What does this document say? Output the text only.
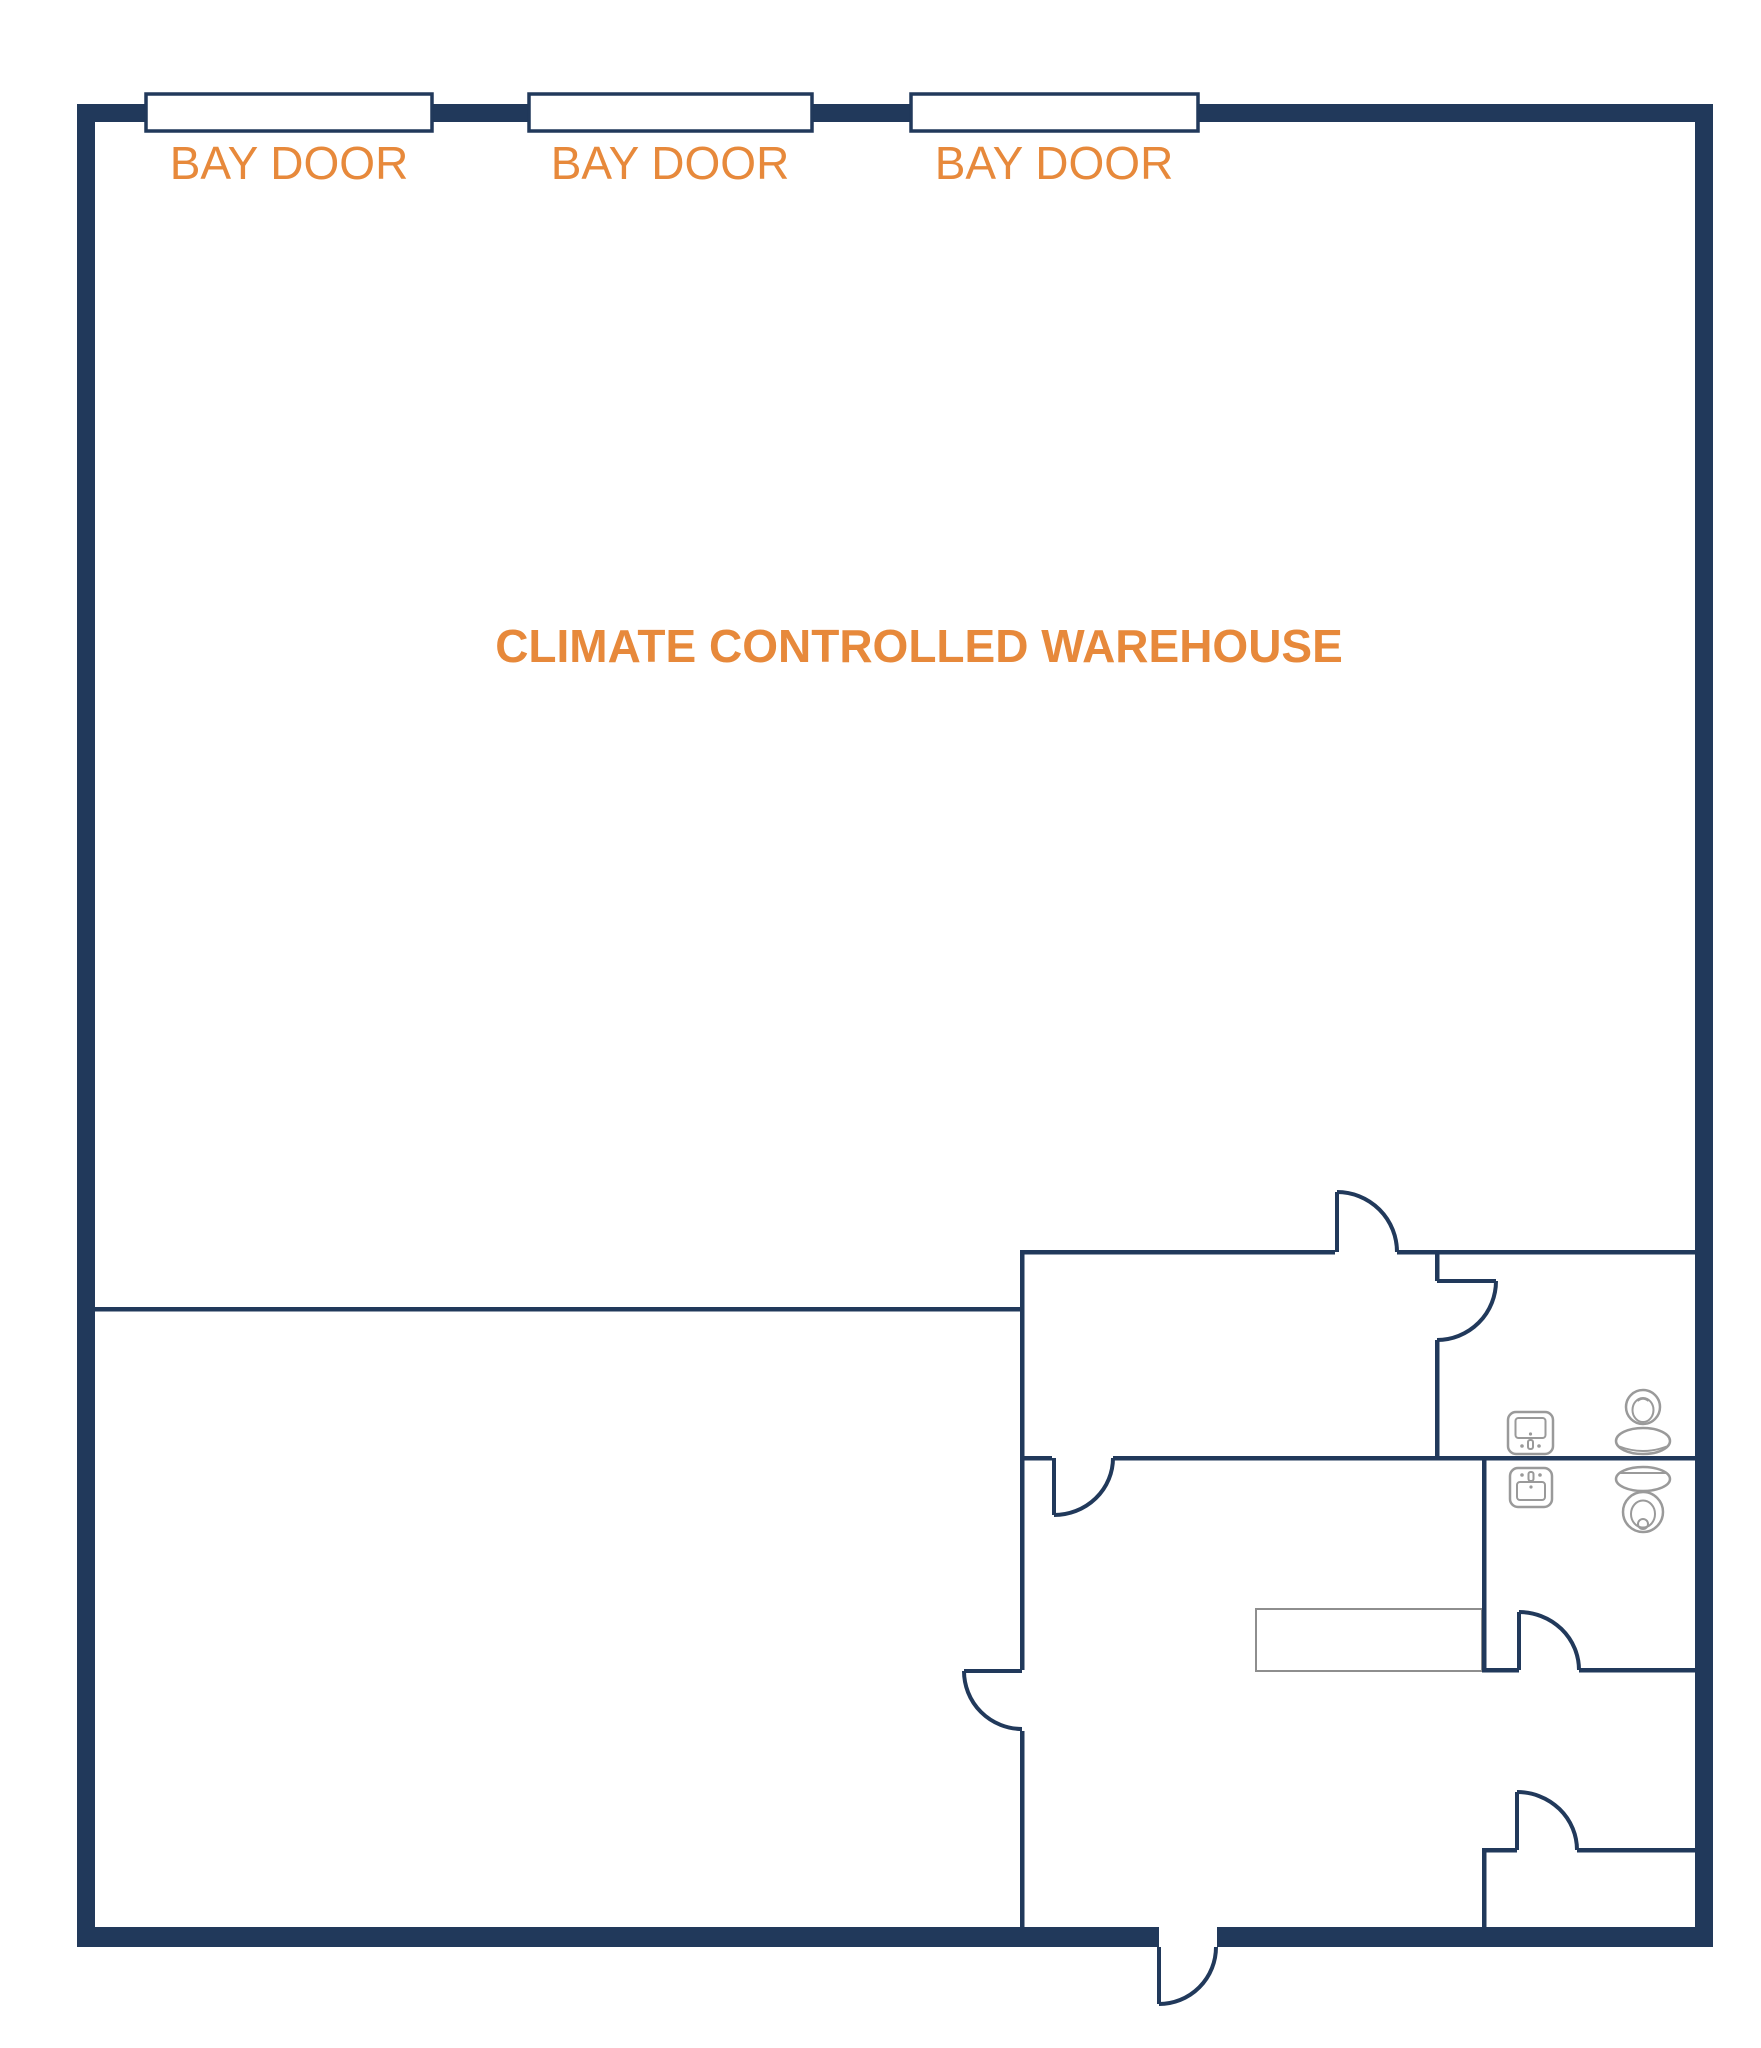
BAY DOOR	BAY DOOR	BAY DOOR
CLIMATE CONTROLLED WAREHOUSE
